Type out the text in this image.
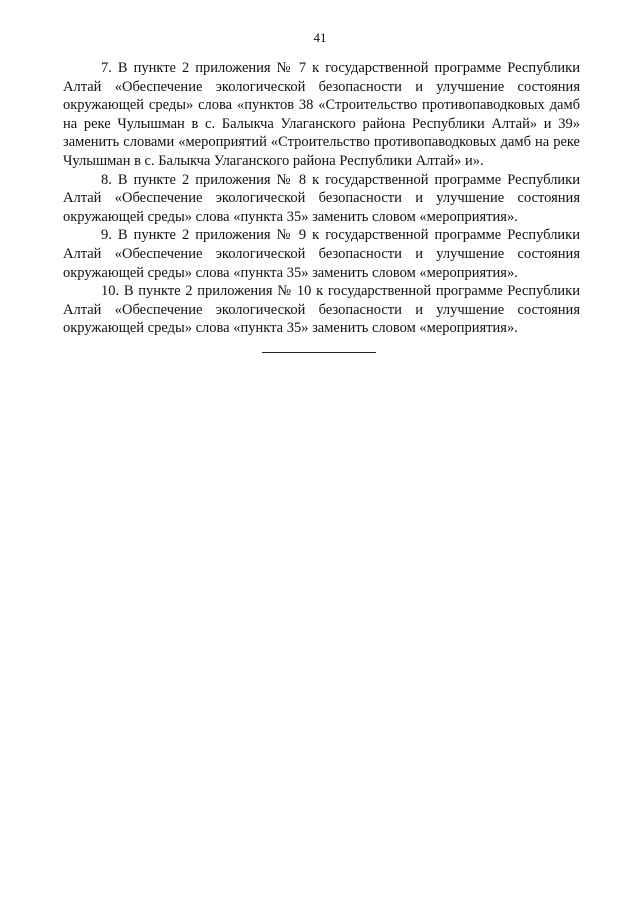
41

7. В пункте 2 приложения № 7 к государственной программе Республики Алтай «Обеспечение экологической безопасности и улучшение состояния окружающей среды» слова «пунктов 38 «Строительство противопаводковых дамб на реке Чулышман в с. Балыкча Улаганского района Республики Алтай» и 39» заменить словами «мероприятий «Строительство противопаводковых дамб на реке Чулышман в с. Балыкча Улаганского района Республики Алтай» и».

8. В пункте 2 приложения № 8 к государственной программе Республики Алтай «Обеспечение экологической безопасности и улучшение состояния окружающей среды» слова «пункта 35» заменить словом «мероприятия».

9. В пункте 2 приложения № 9 к государственной программе Республики Алтай «Обеспечение экологической безопасности и улучшение состояния окружающей среды» слова «пункта 35» заменить словом «мероприятия».

10. В пункте 2 приложения № 10 к государственной программе Республики Алтай «Обеспечение экологической безопасности и улучшение состояния окружающей среды» слова «пункта 35» заменить словом «мероприятия».
